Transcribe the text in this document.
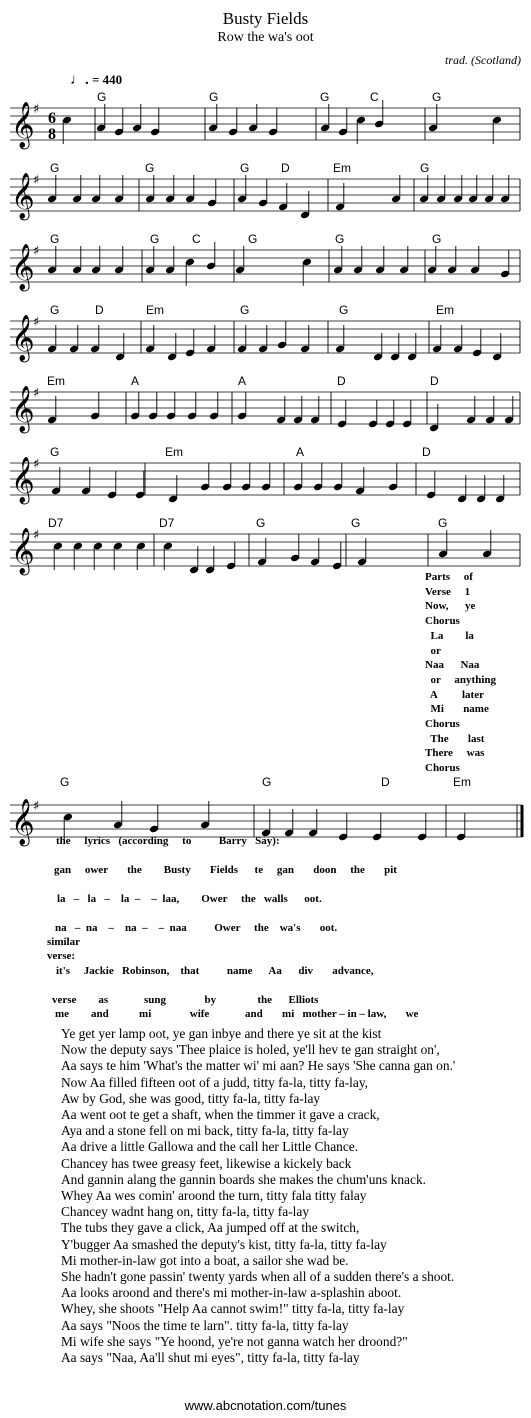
Busty Fields
Row the wa's oot
trad. (Scotland)
♩. = 440
G	G	G	C	G
G	G	G	D	Em	G
G	G	C	G	G	G
G	D	Em	G	G	Em
Em	A	A	D	D
G	Em	A	D
D7	D7	G	G	G
G	G	D	Em
𝄞
♯
6
8
𝄞
♯
𝄞
♯
𝄞
♯
𝄞
♯
𝄞
♯
𝄞
♯
𝄞
♯
Parts     of
Verse     1
Now,      ye
Chorus
La        la
or
Naa      Naa
or     anything
A         later
Mi       name
Chorus
The       last
There     was
Chorus
the     lyrics   (according     to          Barry   Say):
gan     ower       the        Busty       Fields      te     gan       doon     the       pit
la   –   la   –    la  –    –  laa,        Ower     the   walls      oot.
na   –  na    –    na  –    –  naa          Ower     the    wa's       oot.
similar
verse:
it's     Jackie   Robinson,    that          name      Aa      div       advance,
verse        as             sung              by               the      Elliots
me        and           mi              wife             and       mi   mother – in – law,       we
Ye get yer lamp oot, ye gan inbye and there ye sit at the kist
Now the deputy says 'Thee plaice is holed, ye'll hev te gan straight on',
Aa says te him 'What's the matter wi' mi aan? He says 'She canna gan on.'
Now Aa filled fifteen oot of a judd, titty fa-la, titty fa-lay,
Aw by God, she was good, titty fa-la, titty fa-lay
Aa went oot te get a shaft, when the timmer it gave a crack,
Aya and a stone fell on mi back, titty fa-la, titty fa-lay
Aa drive a little Gallowa and the call her Little Chance.
Chancey has twee greasy feet, likewise a kickely back
And gannin alang the gannin boards she makes the chum'uns knack.
Whey Aa wes comin' aroond the turn, titty fala titty falay
Chancey wadnt hang on, titty fa-la, titty fa-lay
The tubs they gave a click, Aa jumped off at the switch,
Y'bugger Aa smashed the deputy's kist, titty fa-la, titty fa-lay
Mi mother-in-law got into a boat, a sailor she wad be.
She hadn't gone passin' twenty yards when all of a sudden there's a shoot.
Aa looks aroond and there's mi mother-in-law a-splashin aboot.
Whey, she shoots "Help Aa cannot swim!" titty fa-la, titty fa-lay
Aa says "Noos the time te larn". titty fa-la, titty fa-lay
Mi wife she says "Ye hoond, ye're not ganna watch her droond?"
Aa says "Naa, Aa'll shut mi eyes", titty fa-la, titty fa-lay
www.abcnotation.com/tunes
